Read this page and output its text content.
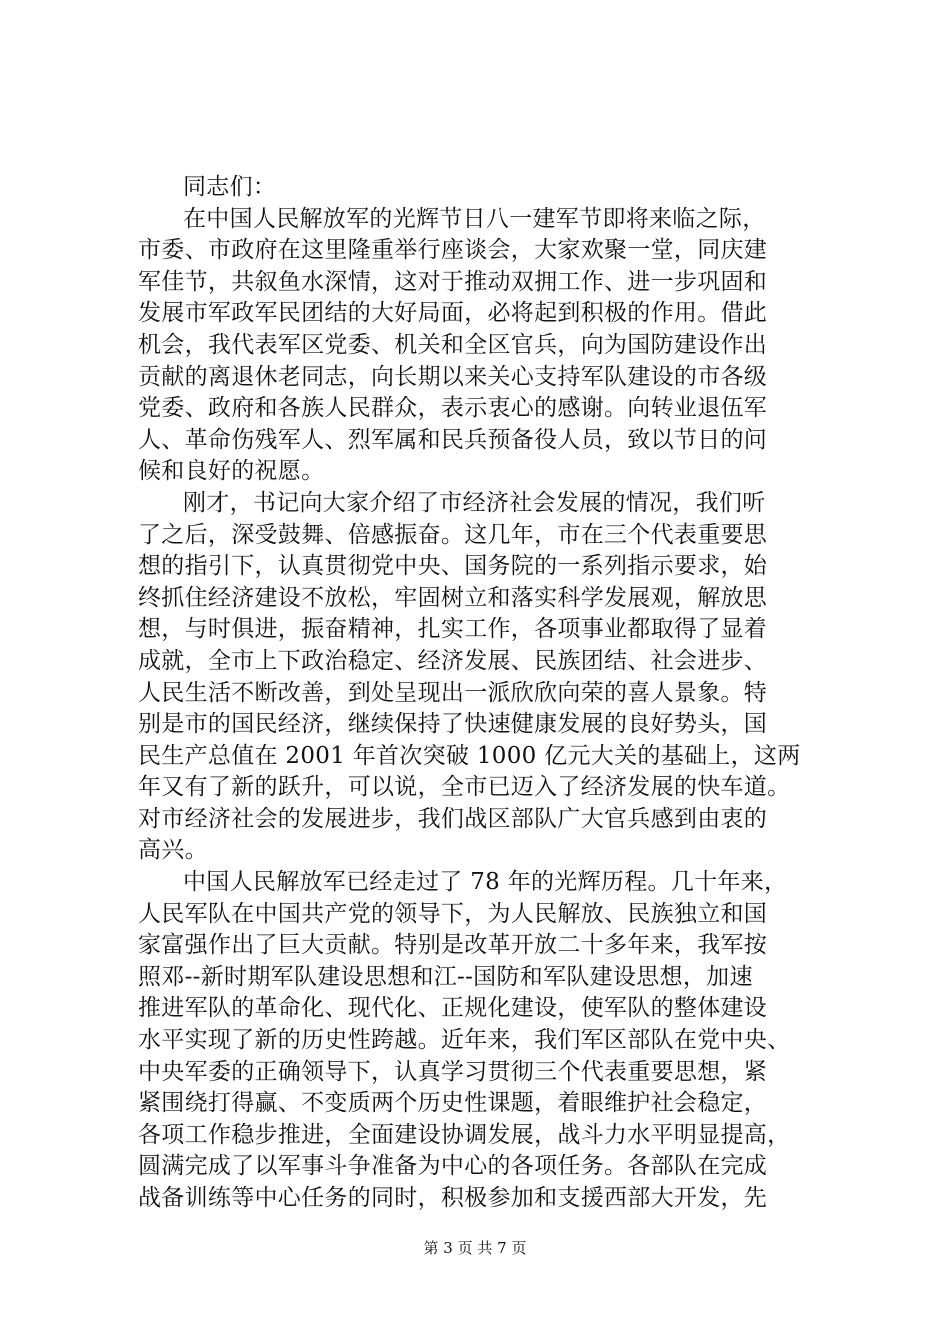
同志们：
在中国人民解放军的光辉节日八一建军节即将来临之际，
市委、市政府在这里隆重举行座谈会，大家欢聚一堂，同庆建
军佳节，共叙鱼水深情，这对于推动双拥工作、进一步巩固和
发展市军政军民团结的大好局面，必将起到积极的作用。借此
机会，我代表军区党委、机关和全区官兵，向为国防建设作出
贡献的离退休老同志，向长期以来关心支持军队建设的市各级
党委、政府和各族人民群众，表示衷心的感谢。向转业退伍军
人、革命伤残军人、烈军属和民兵预备役人员，致以节日的问
候和良好的祝愿。
刚才，书记向大家介绍了市经济社会发展的情况，我们听
了之后，深受鼓舞、倍感振奋。这几年，市在三个代表重要思
想的指引下，认真贯彻党中央、国务院的一系列指示要求，始
终抓住经济建设不放松，牢固树立和落实科学发展观，解放思
想，与时俱进，振奋精神，扎实工作，各项事业都取得了显着
成就，全市上下政治稳定、经济发展、民族团结、社会进步、
人民生活不断改善，到处呈现出一派欣欣向荣的喜人景象。特
别是市的国民经济，继续保持了快速健康发展的良好势头，国
民生产总值在 2001 年首次突破 1000 亿元大关的基础上，这两
年又有了新的跃升，可以说，全市已迈入了经济发展的快车道。
对市经济社会的发展进步，我们战区部队广大官兵感到由衷的
高兴。
中国人民解放军已经走过了 78 年的光辉历程。几十年来，
人民军队在中国共产党的领导下，为人民解放、民族独立和国
家富强作出了巨大贡献。特别是改革开放二十多年来，我军按
照邓--新时期军队建设思想和江--国防和军队建设思想，加速
推进军队的革命化、现代化、正规化建设，使军队的整体建设
水平实现了新的历史性跨越。近年来，我们军区部队在党中央、
中央军委的正确领导下，认真学习贯彻三个代表重要思想，紧
紧围绕打得赢、不变质两个历史性课题，着眼维护社会稳定，
各项工作稳步推进，全面建设协调发展，战斗力水平明显提高，
圆满完成了以军事斗争准备为中心的各项任务。各部队在完成
战备训练等中心任务的同时，积极参加和支援西部大开发，先
第 3 页 共 7 页
